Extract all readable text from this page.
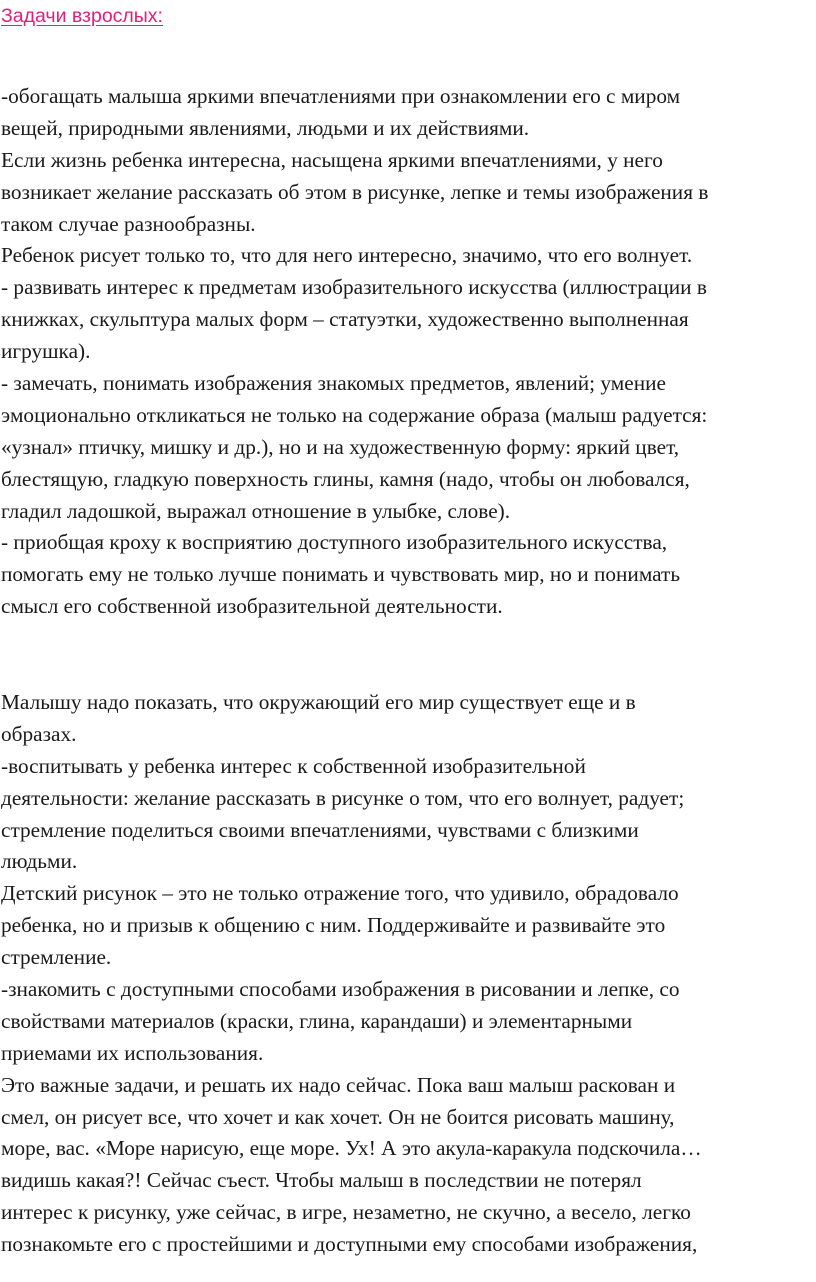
Задачи взрослых:
-обогащать малыша яркими впечатлениями при ознакомлении его с миром
вещей, природными явлениями, людьми и их действиями.
Если жизнь ребенка интересна, насыщена яркими впечатлениями, у него
возникает желание рассказать об этом в рисунке, лепке и темы изображения в
таком случае разнообразны.
Ребенок рисует только то, что для него интересно, значимо, что его волнует.
- развивать интерес к предметам изобразительного искусства (иллюстрации в
книжках, скульптура малых форм – статуэтки, художественно выполненная
игрушка).
- замечать, понимать изображения знакомых предметов, явлений; умение
эмоционально откликаться не только на содержание образа (малыш радуется:
«узнал» птичку, мишку и др.), но и на художественную форму: яркий цвет,
блестящую, гладкую поверхность глины, камня (надо, чтобы он любовался,
гладил ладошкой, выражал отношение в улыбке, слове).
- приобщая кроху к восприятию доступного изобразительного искусства,
помогать ему не только лучше понимать и чувствовать мир, но и понимать
смысл его собственной изобразительной деятельности.
Малышу надо показать, что окружающий его мир существует еще и в
образах.
-воспитывать у ребенка интерес к собственной изобразительной
деятельности: желание рассказать в рисунке о том, что его волнует, радует;
стремление поделиться своими впечатлениями, чувствами с близкими
людьми.
Детский рисунок – это не только отражение того, что удивило, обрадовало
ребенка, но и призыв к общению с ним. Поддерживайте и развивайте это
стремление.
-знакомить с доступными способами изображения в рисовании и лепке, со
свойствами материалов (краски, глина, карандаши) и элементарными
приемами их использования.
Это важные задачи, и решать их надо сейчас. Пока ваш малыш раскован и
смел, он рисует все, что хочет и как хочет. Он не боится рисовать машину,
море, вас. «Море нарисую, еще море. Ух! А это акула-каракула подскочила…
видишь какая?! Сейчас съест. Чтобы малыш в последствии не потерял
интерес к рисунку, уже сейчас, в игре, незаметно, не скучно, а весело, легко
познакомьте его с простейшими и доступными ему способами изображения,
